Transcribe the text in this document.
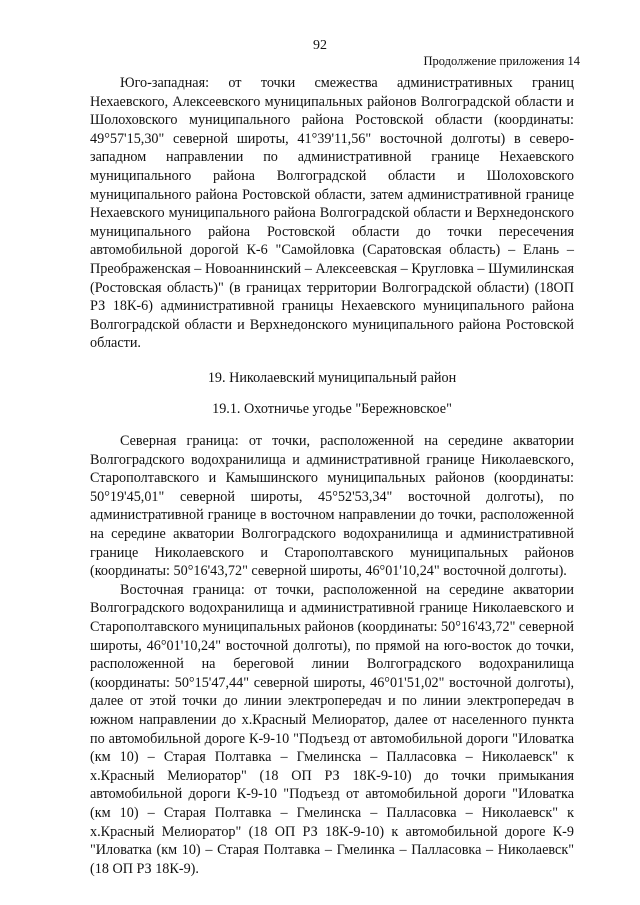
92
Продолжение приложения 14

Юго-западная: от точки смежества административных границ Нехаевского, Алексеевского муниципальных районов Волгоградской области и Шолоховского муниципального района Ростовской области (координаты: 49°57'15,30" северной широты, 41°39'11,56" восточной долготы) в северо-западном направлении по административной границе Нехаевского муниципального района Волгоградской области и Шолоховского муниципального района Ростовской области, затем административной границе Нехаевского муниципального района Волгоградской области и Верхнедонского муниципального района Ростовской области до точки пересечения автомобильной дорогой К-6 "Самойловка (Саратовская область) – Елань – Преображенская – Новоаннинский – Алексеевская – Кругловка – Шумилинская (Ростовская область)" (в границах территории Волгоградской области) (18ОП РЗ 18К-6) административной границы Нехаевского муниципального района Волгоградской области и Верхнедонского муниципального района Ростовской области.

19. Николаевский муниципальный район

19.1. Охотничье угодье "Бережновское"

Северная граница: от точки, расположенной на середине акватории Волгоградского водохранилища и административной границе Николаевского, Старополтавского и Камышинского муниципальных районов (координаты: 50°19'45,01" северной широты, 45°52'53,34" восточной долготы), по административной границе в восточном направлении до точки, расположенной на середине акватории Волгоградского водохранилища и административной границе Николаевского и Старополтавского муниципальных районов (координаты: 50°16'43,72" северной широты, 46°01'10,24" восточной долготы).

Восточная граница: от точки, расположенной на середине акватории Волгоградского водохранилища и административной границе Николаевского и Старополтавского муниципальных районов (координаты: 50°16'43,72" северной широты, 46°01'10,24" восточной долготы), по прямой на юго-восток до точки, расположенной на береговой линии Волгоградского водохранилища (координаты: 50°15'47,44" северной широты, 46°01'51,02" восточной долготы), далее от этой точки до линии электропередач и по линии электропередач в южном направлении до х.Красный Мелиоратор, далее от населенного пункта по автомобильной дороге К-9-10 "Подъезд от автомобильной дороги "Иловатка (км 10) – Старая Полтавка – Гмелинска – Палласовка – Николаевск" к х.Красный Мелиоратор" (18 ОП РЗ 18К-9-10) до точки примыкания автомобильной дороги К-9-10 "Подъезд от автомобильной дороги "Иловатка (км 10) – Старая Полтавка – Гмелинска – Палласовка – Николаевск" к х.Красный Мелиоратор" (18 ОП РЗ 18К-9-10) к автомобильной дороге К-9 "Иловатка (км 10) – Старая Полтавка – Гмелинка – Палласовка – Николаевск" (18 ОП РЗ 18К-9).
